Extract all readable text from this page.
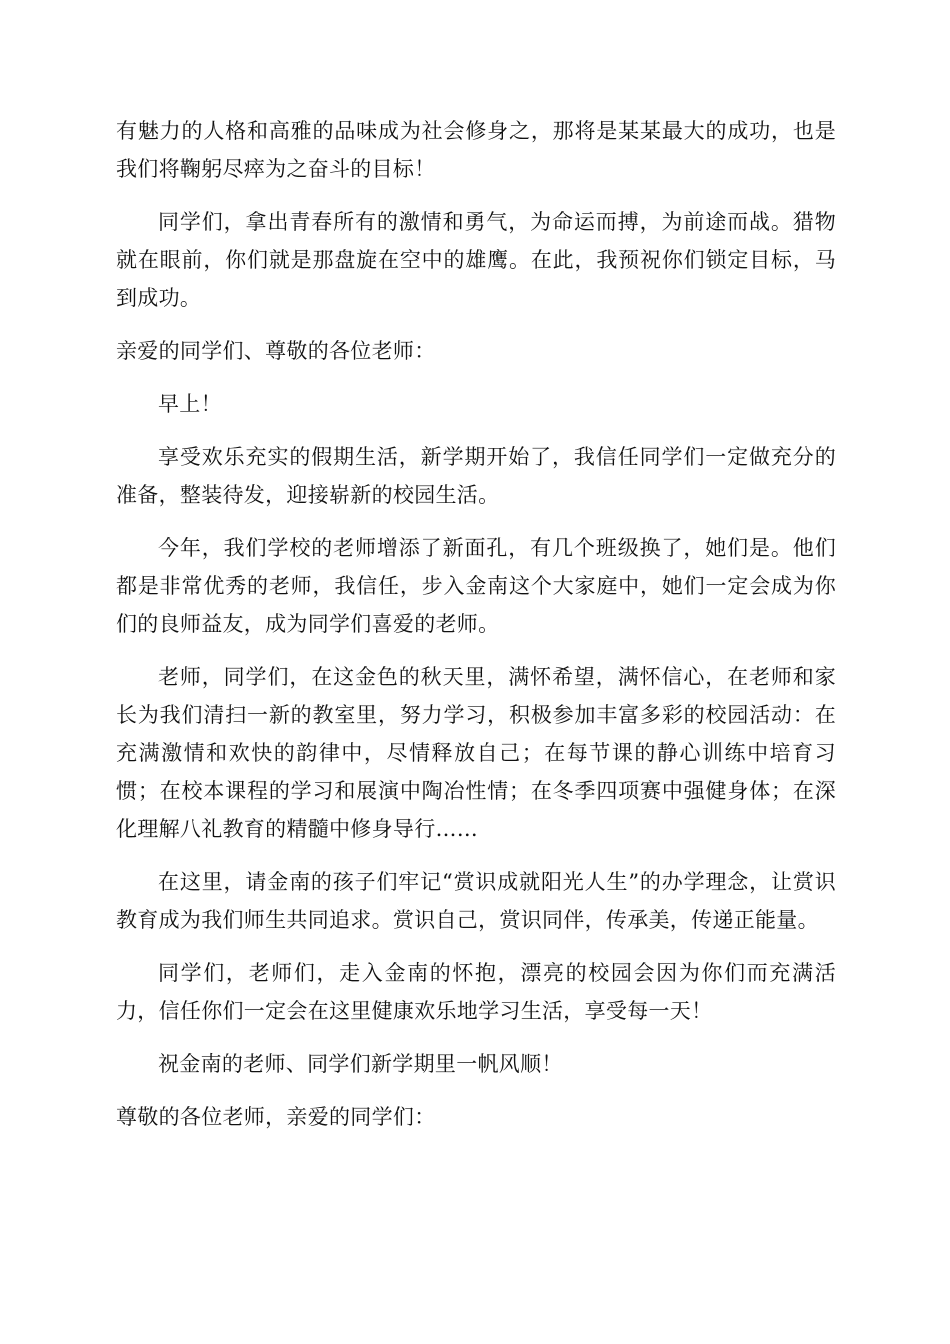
有魅力的人格和高雅的品味成为社会修身之，那将是某某最大的成功，也是我们将鞠躬尽瘁为之奋斗的目标！

同学们，拿出青春所有的激情和勇气，为命运而搏，为前途而战。猎物就在眼前，你们就是那盘旋在空中的雄鹰。在此，我预祝你们锁定目标，马到成功。

亲爱的同学们、尊敬的各位老师：

早上！

享受欢乐充实的假期生活，新学期开始了，我信任同学们一定做充分的准备，整装待发，迎接崭新的校园生活。

今年，我们学校的老师增添了新面孔，有几个班级换了，她们是。他们都是非常优秀的老师，我信任，步入金南这个大家庭中，她们一定会成为你们的良师益友，成为同学们喜爱的老师。

老师，同学们，在这金色的秋天里，满怀希望，满怀信心，在老师和家长为我们清扫一新的教室里，努力学习，积极参加丰富多彩的校园活动：在充满激情和欢快的韵律中，尽情释放自己；在每节课的静心训练中培育习惯；在校本课程的学习和展演中陶冶性情；在冬季四项赛中强健身体；在深化理解八礼教育的精髓中修身导行……

在这里，请金南的孩子们牢记“赏识成就阳光人生”的办学理念，让赏识教育成为我们师生共同追求。赏识自己，赏识同伴，传承美，传递正能量。

同学们，老师们，走入金南的怀抱，漂亮的校园会因为你们而充满活力，信任你们一定会在这里健康欢乐地学习生活，享受每一天！

祝金南的老师、同学们新学期里一帆风顺！

尊敬的各位老师，亲爱的同学们：
